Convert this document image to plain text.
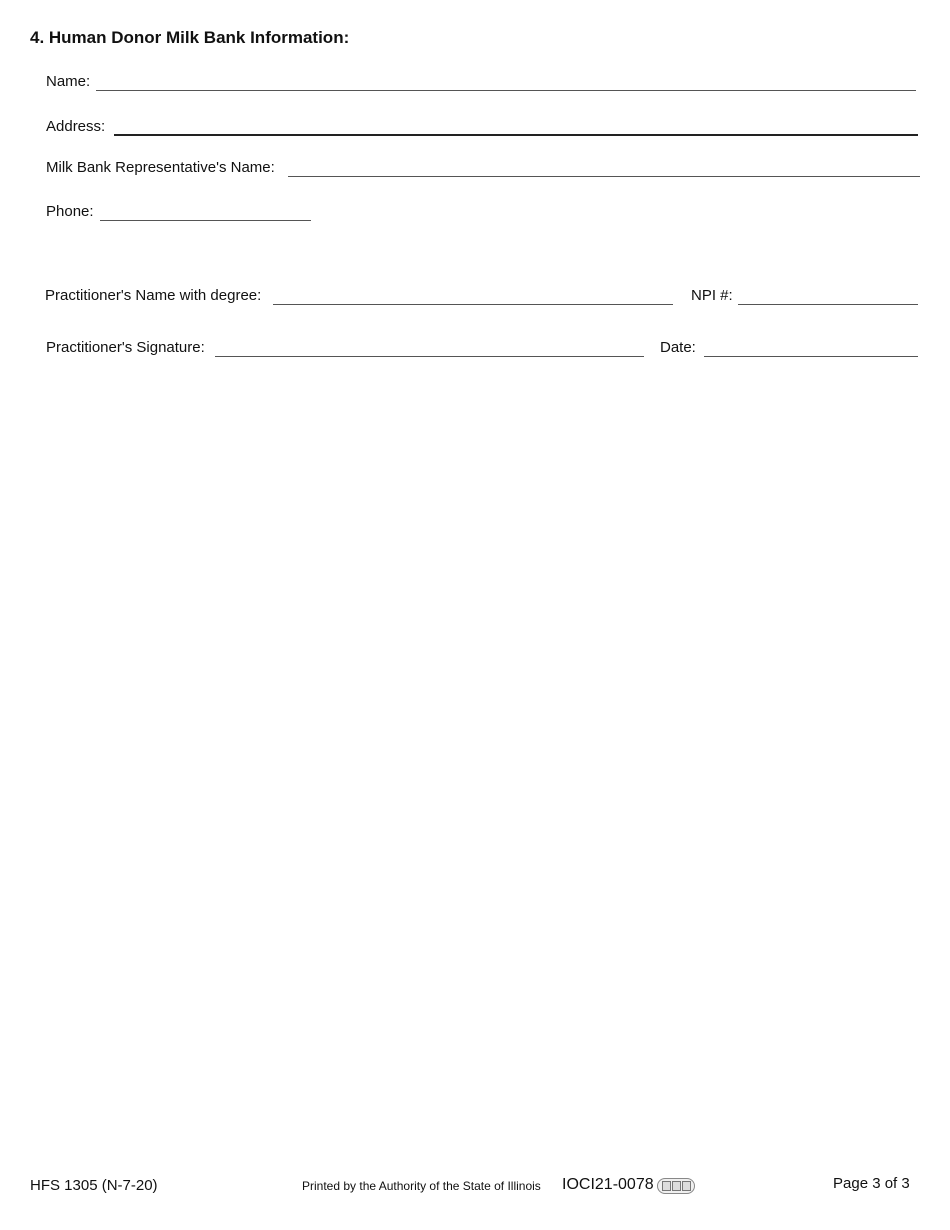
4. Human Donor Milk Bank Information:
Name:
Address:
Milk Bank Representative's Name:
Phone:
Practitioner's Name with degree:	NPI #:
Practitioner's Signature:	Date:
HFS 1305 (N-7-20)	Printed by the Authority of the State of Illinois IOCI21-0078	Page 3 of 3
